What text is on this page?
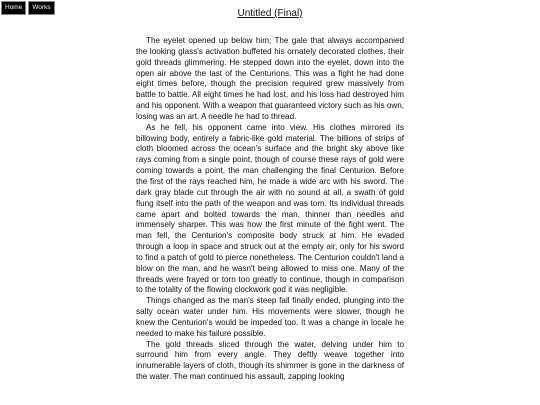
Home	Works
Untitled (Final)

The eyelet opened up below him; The gale that always accompanied the looking glass's activation buffeted his ornately decorated clothes, their gold threads glimmering. He stepped down into the eyelet, down into the open air above the last of the Centurions. This was a fight he had done eight times before, though the precision required grew massively from battle to battle. All eight times he had lost, and his loss had destroyed him and his opponent. With a weapon that guaranteed victory such as his own, losing was an art. A needle he had to thread.

As he fell, his opponent came into view. His clothes mirrored its billowing body, entirely a fabric-like gold material. The billions of strips of cloth bloomed across the ocean's surface and the bright sky above like rays coming from a single point, though of course these rays of gold were coming towards a point, the man challenging the final Centurion. Before the first of the rays reached him, he made a wide arc with his sword. The dark gray blade cut through the air with no sound at all, a swath of gold flung itself into the path of the weapon and was torn. Its individual threads came apart and bolted towards the man, thinner than needles and immensely sharper. This was how the first minute of the fight went. The man fell, the Centurion's composite body struck at him. He evaded through a loop in space and struck out at the empty air, only for his sword to find a patch of gold to pierce nonetheless. The Centurion couldn't land a blow on the man, and he wasn't being allowed to miss one. Many of the threads were frayed or torn too greatly to continue, though in comparison to the totality of the flowing clockwork god it was negligible.

Things changed as the man's steep fall finally ended, plunging into the salty ocean water under him. His movements were slower, though he knew the Centurion's would be impeded too. It was a change in locale he needed to make his failure possible.

The gold threads sliced through the water, delving under him to surround him from every angle. They deftly weave together into innumerable layers of cloth, though its shimmer is gone in the darkness of the water. The man continued his assault, zapping looking
